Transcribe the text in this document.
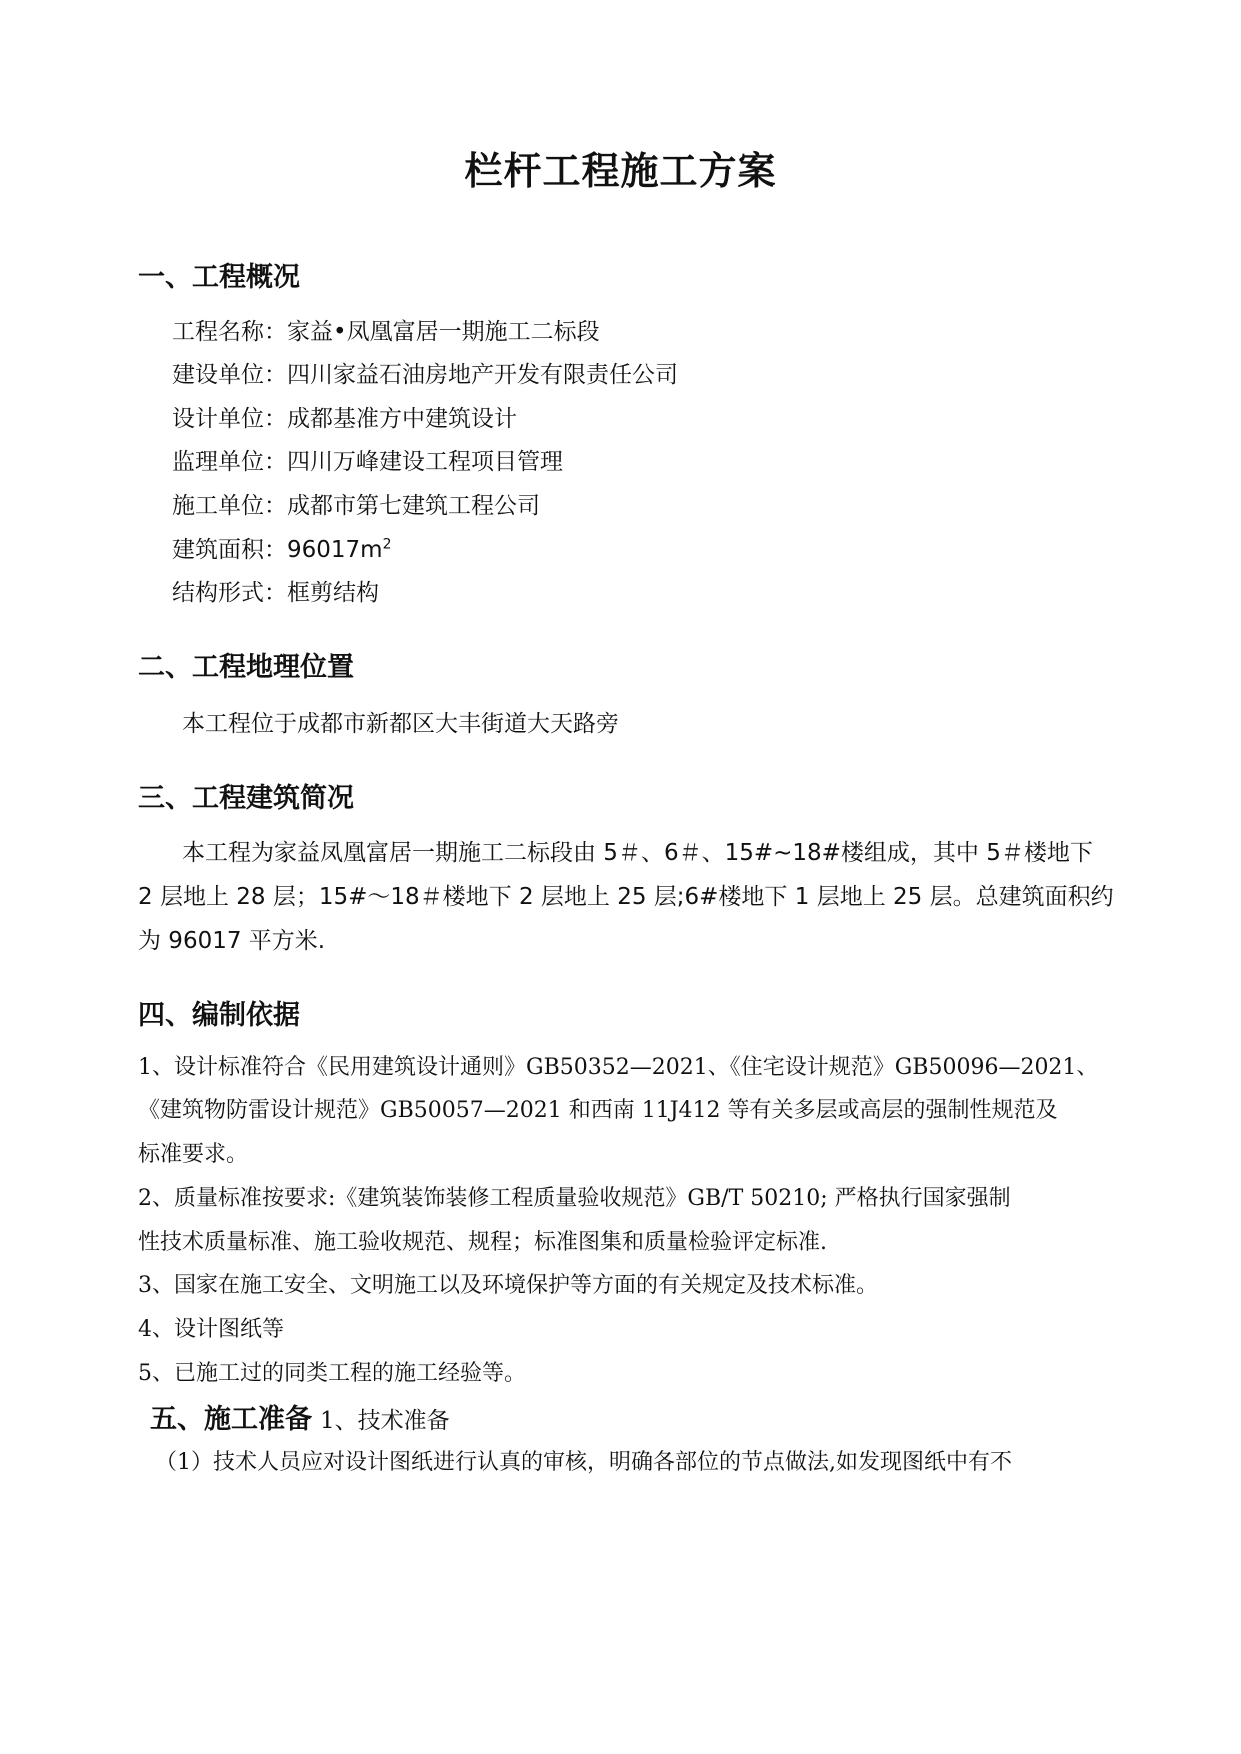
栏杆工程施工方案
一、工程概况
工程名称：家益•凤凰富居一期施工二标段
建设单位：四川家益石油房地产开发有限责任公司
设计单位：成都基准方中建筑设计
监理单位：四川万峰建设工程项目管理
施工单位：成都市第七建筑工程公司
建筑面积：$96017m^2$
结构形式：框剪结构
二、工程地理位置
本工程位于成都市新都区大丰街道大天路旁
三、工程建筑简况
本工程为家益凤凰富居一期施工二标段由 5＃、6＃、15#~18#楼组成，其中 5＃楼地下
2 层地上 28 层；15#～18＃楼地下 2 层地上 25 层;6#楼地下 1 层地上 25 层。总建筑面积约
为 96017 平方米.
四、编制依据
1、设计标准符合《民用建筑设计通则》GB50352—2021、《住宅设计规范》GB50096—2021、
《建筑物防雷设计规范》GB50057—2021 和西南 11J412 等有关多层或高层的强制性规范及
标准要求。
2、质量标准按要求:《建筑装饰装修工程质量验收规范》GB/T 50210; 严格执行国家强制
性技术质量标准、施工验收规范、规程；标准图集和质量检验评定标准.
3、国家在施工安全、文明施工以及环境保护等方面的有关规定及技术标准。
4、设计图纸等
5、已施工过的同类工程的施工经验等。
五、施工准备 1、技术准备
（1）技术人员应对设计图纸进行认真的审核，明确各部位的节点做法,如发现图纸中有不
